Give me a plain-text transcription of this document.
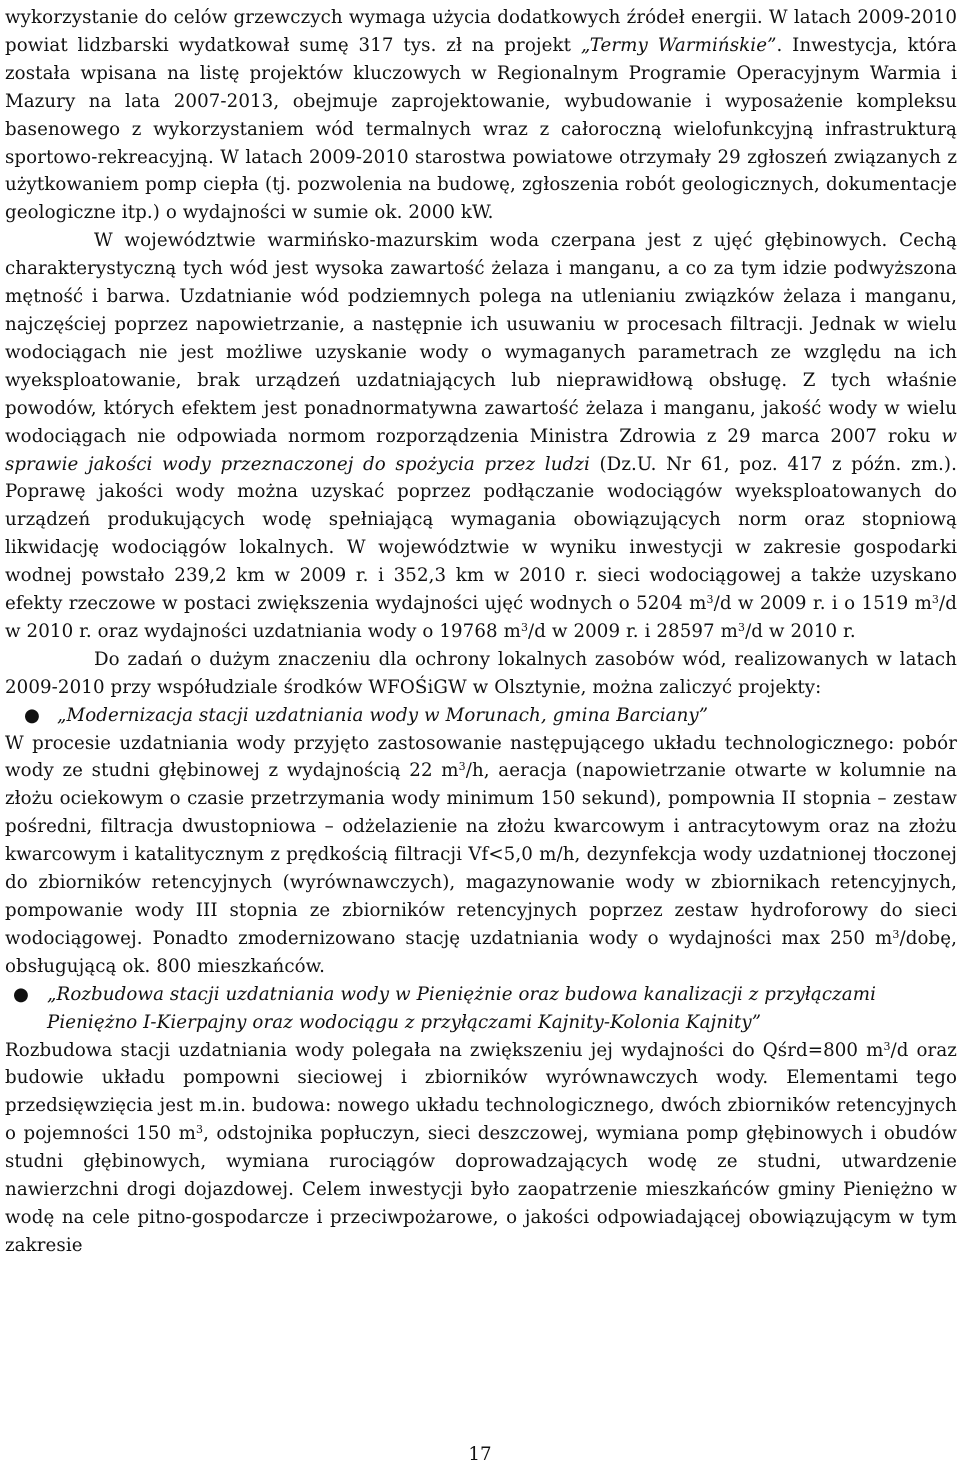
wykorzystanie do celów grzewczych wymaga użycia dodatkowych źródeł energii. W latach 2009-2010 powiat lidzbarski wydatkował sumę 317 tys. zł na projekt „Termy Warmińskie”. Inwestycja, która została wpisana na listę projektów kluczowych w Regionalnym Programie Operacyjnym Warmia i Mazury na lata 2007-2013, obejmuje zaprojektowanie, wybudowanie i wyposażenie kompleksu basenowego z wykorzystaniem wód termalnych wraz z całoroczną wielofunkcyjną infrastrukturą sportowo-rekreacyjną. W latach 2009-2010 starostwa powiatowe otrzymały 29 zgłoszeń związanych z użytkowaniem pomp ciepła (tj. pozwolenia na budowę, zgłoszenia robót geologicznych, dokumentacje geologiczne itp.) o wydajności w sumie ok. 2000 kW.

W województwie warmińsko-mazurskim woda czerpana jest z ujęć głębinowych. Cechą charakterystyczną tych wód jest wysoka zawartość żelaza i manganu, a co za tym idzie podwyższona mętność i barwa. Uzdatnianie wód podziemnych polega na utlenianiu związków żelaza i manganu, najczęściej poprzez napowietrzanie, a następnie ich usuwaniu w procesach filtracji. Jednak w wielu wodociągach nie jest możliwe uzyskanie wody o wymaganych parametrach ze względu na ich wyeksploatowanie, brak urządzeń uzdatniających lub nieprawidłową obsługę. Z tych właśnie powodów, których efektem jest ponadnormatywna zawartość żelaza i manganu, jakość wody w wielu wodociągach nie odpowiada normom rozporządzenia Ministra Zdrowia z 29 marca 2007 roku w sprawie jakości wody przeznaczonej do spożycia przez ludzi (Dz.U. Nr 61, poz. 417 z późn. zm.). Poprawę jakości wody można uzyskać poprzez podłączanie wodociągów wyeksploatowanych do urządzeń produkujących wodę spełniającą wymagania obowiązujących norm oraz stopniową likwidację wodociągów lokalnych. W województwie w wyniku inwestycji w zakresie gospodarki wodnej powstało 239,2 km w 2009 r. i 352,3 km w 2010 r. sieci wodociągowej a także uzyskano efekty rzeczowe w postaci zwiększenia wydajności ujęć wodnych o 5204 $m^3/d$ w 2009 r. i o 1519 $m^3/d$ w 2010 r. oraz wydajności uzdatniania wody o 19768 $m^3/d$ w 2009 r. i 28597 $m^3/d$ w 2010 r.

Do zadań o dużym znaczeniu dla ochrony lokalnych zasobów wód, realizowanych w latach 2009-2010 przy współudziale środków WFOŚiGW w Olsztynie, można zaliczyć projekty:

● „Modernizacja stacji uzdatniania wody w Morunach, gmina Barciany”

W procesie uzdatniania wody przyjęto zastosowanie następującego układu technologicznego: pobór wody ze studni głębinowej z wydajnością 22 $m^3/h$, aeracja (napowietrzanie otwarte w kolumnie na złożu ociekowym o czasie przetrzymania wody minimum 150 sekund), pompownia II stopnia – zestaw pośredni, filtracja dwustopniowa – odżelazienie na złożu kwarcowym i antracytowym oraz na złożu kwarcowym i katalitycznym z prędkością filtracji Vf<5,0 m/h, dezynfekcja wody uzdatnionej tłoczonej do zbiorników retencyjnych (wyrównawczych), magazynowanie wody w zbiornikach retencyjnych, pompowanie wody III stopnia ze zbiorników retencyjnych poprzez zestaw hydroforowy do sieci wodociągowej. Ponadto zmodernizowano stację uzdatniania wody o wydajności max 250 $m^3$/dobę, obsługującą ok. 800 mieszkańców.

● „Rozbudowa stacji uzdatniania wody w Pieniężnie oraz budowa kanalizacji z przyłączami Pieniężno I-Kierpajny oraz wodociągu z przyłączami Kajnity-Kolonia Kajnity”

Rozbudowa stacji uzdatniania wody polegała na zwiększeniu jej wydajności do Qśrd=800 $m^3/d$ oraz budowie układu pompowni sieciowej i zbiorników wyrównawczych wody. Elementami tego przedsięwzięcia jest m.in. budowa: nowego układu technologicznego, dwóch zbiorników retencyjnych o pojemności 150 $m^3$, odstojnika popłuczyn, sieci deszczowej, wymiana pomp głębinowych i obudów studni głębinowych, wymiana rurociągów doprowadzających wodę ze studni, utwardzenie nawierzchni drogi dojazdowej. Celem inwestycji było zaopatrzenie mieszkańców gminy Pieniężno w wodę na cele pitno-gospodarcze i przeciwpożarowe, o jakości odpowiadającej obowiązującym w tym zakresie

17
